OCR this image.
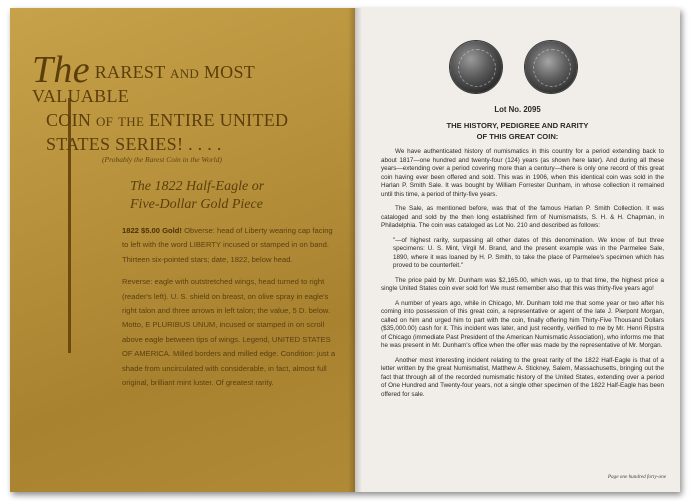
The RAREST and MOST VALUABLE
COIN of the ENTIRE UNITED
STATES SERIES! . . . .
(Probably the Rarest Coin in the World)
The 1822 Half-Eagle or
Five-Dollar Gold Piece

1822 $5.00 Gold! Obverse: head of Liberty wearing cap facing to left with the word LIBERTY incused or stamped in on band. Thirteen six-pointed stars; date, 1822, below head.

Reverse: eagle with outstretched wings, head turned to right (reader's left). U. S. shield on breast, on olive spray in eagle's right talon and three arrows in left talon; the value, 5 D. below. Motto, E PLURIBUS UNUM, incused or stamped in on scroll above eagle between tips of wings. Legend, UNITED STATES OF AMERICA. Milled borders and milled edge. Condition: just a shade from uncirculated with considerable, in fact, almost full original, brilliant mint luster. Of greatest rarity.

Lot No. 2095
THE HISTORY, PEDIGREE AND RARITY
OF THIS GREAT COIN:

We have authenticated history of numismatics in this country for a period extending back to about 1817—one hundred and twenty-four (124) years (as shown here later). And during all these years—extending over a period covering more than a century—there is only one record of this great coin having ever been offered and sold. This was in 1906, when this identical coin was sold in the Harlan P. Smith Sale. It was bought by William Forrester Dunham, in whose collection it remained until this time, a period of thirty-five years.

The Sale, as mentioned before, was that of the famous Harlan P. Smith Collection. It was cataloged and sold by the then long established firm of Numismatists, S. H. & H. Chapman, in Philadelphia. The coin was cataloged as Lot No. 210 and described as follows:

"—of highest rarity, surpassing all other dates of this denomination. We know of but three specimens: U. S. Mint, Virgil M. Brand, and the present example was in the Parmelee Sale, 1890, where it was loaned by H. P. Smith, to take the place of Parmelee's specimen which has proved to be counterfeit."

The price paid by Mr. Dunham was $2,165.00, which was, up to that time, the highest price a single United States coin ever sold for! We must remember also that this was thirty-five years ago!

A number of years ago, while in Chicago, Mr. Dunham told me that some year or two after his coming into possession of this great coin, a representative or agent of the late J. Pierpont Morgan, called on him and urged him to part with the coin, finally offering him Thirty-Five Thousand Dollars ($35,000.00) cash for it. This incident was later, and just recently, verified to me by Mr. Henri Ripstra of Chicago (immediate Past President of the American Numismatic Association), who informs me that he was present in Mr. Dunham's office when the offer was made by the representative of Mr. Morgan.

Another most interesting incident relating to the great rarity of the 1822 Half-Eagle is that of a letter written by the great Numismatist, Matthew A. Stickney, Salem, Massachusetts, bringing out the fact that through all of the recorded numismatic history of the United States, extending over a period of One Hundred and Twenty-four years, not a single other specimen of the 1822 Half-Eagle has been offered for sale.

Page one hundred forty-one
